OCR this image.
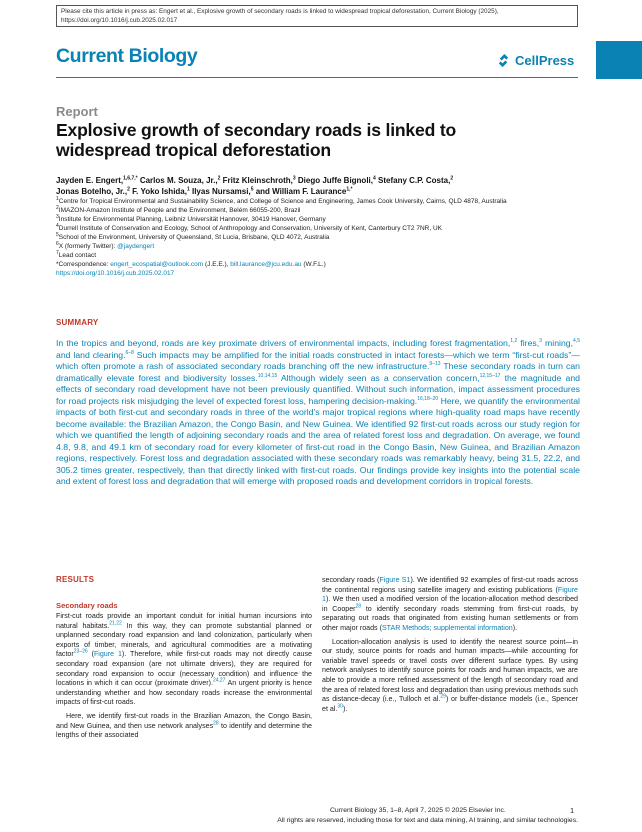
Please cite this article in press as: Engert et al., Explosive growth of secondary roads is linked to widespread tropical deforestation, Current Biology (2025), https://doi.org/10.1016/j.cub.2025.02.017
Current Biology	CellPress
Report
Explosive growth of secondary roads is linked to widespread tropical deforestation
Jayden E. Engert,$^{1,6,7,*}$ Carlos M. Souza, Jr.,$^2$ Fritz Kleinschroth,$^3$ Diego Juffe Bignoli,$^4$ Stefany C.P. Costa,$^2$
Jonas Botelho, Jr.,$^2$ F. Yoko Ishida,$^1$ Ilyas Nursamsi,$^5$ and William F. Laurance$^{1,*}$
$^1$Centre for Tropical Environmental and Sustainability Science, and College of Science and Engineering, James Cook University, Cairns, QLD 4878, Australia
$^2$IMAZON-Amazon Institute of People and the Environment, Belém 66055-200, Brazil
$^3$Institute for Environmental Planning, Leibniz Universität Hannover, 30419 Hanover, Germany
$^4$Durrell Institute of Conservation and Ecology, School of Anthropology and Conservation, University of Kent, Canterbury CT2 7NR, UK
$^5$School of the Environment, University of Queensland, St Lucia, Brisbane, QLD 4072, Australia
$^6$X (formerly Twitter): @jaydengert
$^7$Lead contact
*Correspondence: engert_ecospatial@outlook.com (J.E.E.), bill.laurance@jcu.edu.au (W.F.L.)
https://doi.org/10.1016/j.cub.2025.02.017
SUMMARY
In the tropics and beyond, roads are key proximate drivers of environmental impacts, including forest fragmentation,$^{1,2}$ fires,$^3$ mining,$^{4,5}$ and land clearing.$^{6-8}$ Such impacts may be amplified for the initial roads constructed in intact forests—which we term “first-cut roads”—which often promote a rash of associated secondary roads branching off the new infrastructure.$^{9-13}$ These secondary roads in turn can dramatically elevate forest and biodiversity losses.$^{10,14,15}$ Although widely seen as a conservation concern,$^{12,15-17}$ the magnitude and effects of secondary road development have not been previously quantified. Without such information, impact assessment procedures for road projects risk misjudging the level of expected forest loss, hampering decision-making.$^{16,18-20}$ Here, we quantify the environmental impacts of both first-cut and secondary roads in three of the world’s major tropical regions where high-quality road maps have recently become available: the Brazilian Amazon, the Congo Basin, and New Guinea. We identified 92 first-cut roads across our study region for which we quantified the length of adjoining secondary roads and the area of related forest loss and degradation. On average, we found 4.8, 9.8, and 49.1 km of secondary road for every kilometer of first-cut road in the Congo Basin, New Guinea, and Brazilian Amazon regions, respectively. Forest loss and degradation associated with these secondary roads was remarkably heavy, being 31.5, 22.2, and 305.2 times greater, respectively, than that directly linked with first-cut roads. Our findings provide key insights into the potential scale and extent of forest loss and degradation that will emerge with proposed roads and development corridors in tropical forests.
RESULTS
Secondary roads

First-cut roads provide an important conduit for initial human incursions into natural habitats.$^{21,22}$ In this way, they can promote substantial planned or unplanned secondary road expansion and land colonization, particularly when exports of timber, minerals, and agricultural commodities are a motivating factor$^{23-26}$ (Figure 1). Therefore, while first-cut roads may not directly cause secondary road expansion (are not ultimate drivers), they are required for secondary road expansion to occur (necessary condition) and influence the locations in which it can occur (proximate driver).$^{24,27}$ An urgent priority is hence understanding whether and how secondary roads increase the environmental impacts of first-cut roads.

Here, we identify first-cut roads in the Brazilian Amazon, the Congo Basin, and New Guinea, and then use network analyses$^{28}$ to identify and determine the lengths of their associated

secondary roads (Figure S1). We identified 92 examples of first-cut roads across the continental regions using satellite imagery and existing publications (Figure 1). We then used a modified version of the location-allocation method described in Cooper$^{28}$ to identify secondary roads stemming from first-cut roads, by separating out roads that originated from existing human settlements or from other major roads (STAR Methods; supplemental information).

Location-allocation analysis is used to identify the nearest source point—in our study, source points for roads and human impacts—while accounting for variable travel speeds or travel costs over different surface types. By using network analyses to identify source points for roads and human impacts, we are able to provide a more refined assessment of the length of secondary road and the area of related forest loss and degradation than using previous methods such as distance-decay (i.e., Tulloch et al.$^{29}$) or buffer-distance models (i.e., Spencer et al.$^{30}$).

Current Biology 35, 1–8, April 7, 2025 © 2025 Elsevier Inc.	1
All rights are reserved, including those for text and data mining, AI training, and similar technologies.
